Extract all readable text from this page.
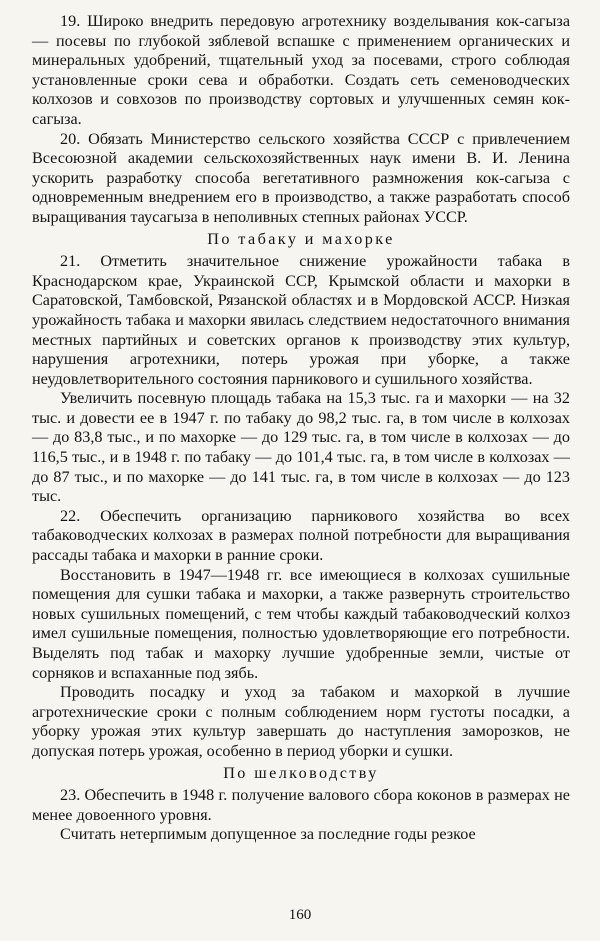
19. Широко внедрить передовую агротехнику возделывания кок-сагыза — посевы по глубокой зяблевой вспашке с применением органических и минеральных удобрений, тщательный уход за посевами, строго соблюдая установленные сроки сева и обработки. Создать сеть семеноводческих колхозов и совхозов по производству сортовых и улучшенных семян кок-сагыза.

20. Обязать Министерство сельского хозяйства СССР с привлечением Всесоюзной академии сельскохозяйственных наук имени В. И. Ленина ускорить разработку способа вегетативного размножения кок-сагыза с одновременным внедрением его в производство, а также разработать способ выращивания таусагыза в неполивных степных районах УССР.

По табаку и махорке

21. Отметить значительное снижение урожайности табака в Краснодарском крае, Украинской ССР, Крымской области и махорки в Саратовской, Тамбовской, Рязанской областях и в Мордовской АССР. Низкая урожайность табака и махорки явилась следствием недостаточного внимания местных партийных и советских органов к производству этих культур, нарушения агротехники, потерь урожая при уборке, а также неудовлетворительного состояния парникового и сушильного хозяйства.

Увеличить посевную площадь табака на 15,3 тыс. га и махорки — на 32 тыс. и довести ее в 1947 г. по табаку до 98,2 тыс. га, в том числе в колхозах — до 83,8 тыс., и по махорке — до 129 тыс. га, в том числе в колхозах — до 116,5 тыс., и в 1948 г. по табаку — до 101,4 тыс. га, в том числе в колхозах — до 87 тыс., и по махорке — до 141 тыс. га, в том числе в колхозах — до 123 тыс.

22. Обеспечить организацию парникового хозяйства во всех табаководческих колхозах в размерах полной потребности для выращивания рассады табака и махорки в ранние сроки.

Восстановить в 1947—1948 гг. все имеющиеся в колхозах сушильные помещения для сушки табака и махорки, а также развернуть строительство новых сушильных помещений, с тем чтобы каждый табаководческий колхоз имел сушильные помещения, полностью удовлетворяющие его потребности. Выделять под табак и махорку лучшие удобренные земли, чистые от сорняков и вспаханные под зябь.

Проводить посадку и уход за табаком и махоркой в лучшие агротехнические сроки с полным соблюдением норм густоты посадки, а уборку урожая этих культур завершать до наступления заморозков, не допуская потерь урожая, особенно в период уборки и сушки.

По шелководству

23. Обеспечить в 1948 г. получение валового сбора коконов в размерах не менее довоенного уровня.

Считать нетерпимым допущенное за последние годы резкое

160
